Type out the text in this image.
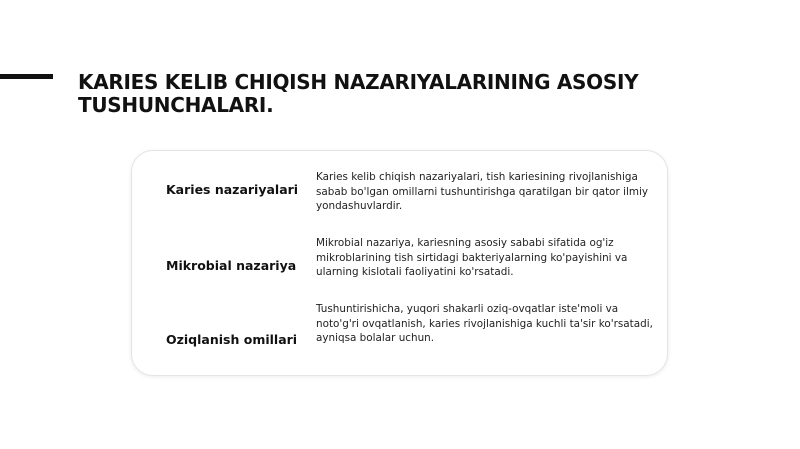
KARIES KELIB CHIQISH NAZARIYALARINING ASOSIY TUSHUNCHALARI.
Karies nazariyalari

Karies kelib chiqish nazariyalari, tish kariesining rivojlanishiga sabab bo'lgan omillarni tushuntirishga qaratilgan bir qator ilmiy yondashuvlardir.

Mikrobial nazariya

Mikrobial nazariya, kariesning asosiy sababi sifatida og'iz mikroblarining tish sirtidagi bakteriyalarning ko'payishini va ularning kislotali faoliyatini ko'rsatadi.

Oziqlanish omillari

Tushuntirishicha, yuqori shakarli oziq-ovqatlar iste'moli va noto'g'ri ovqatlanish, karies rivojlanishiga kuchli ta'sir ko'rsatadi, ayniqsa bolalar uchun.
